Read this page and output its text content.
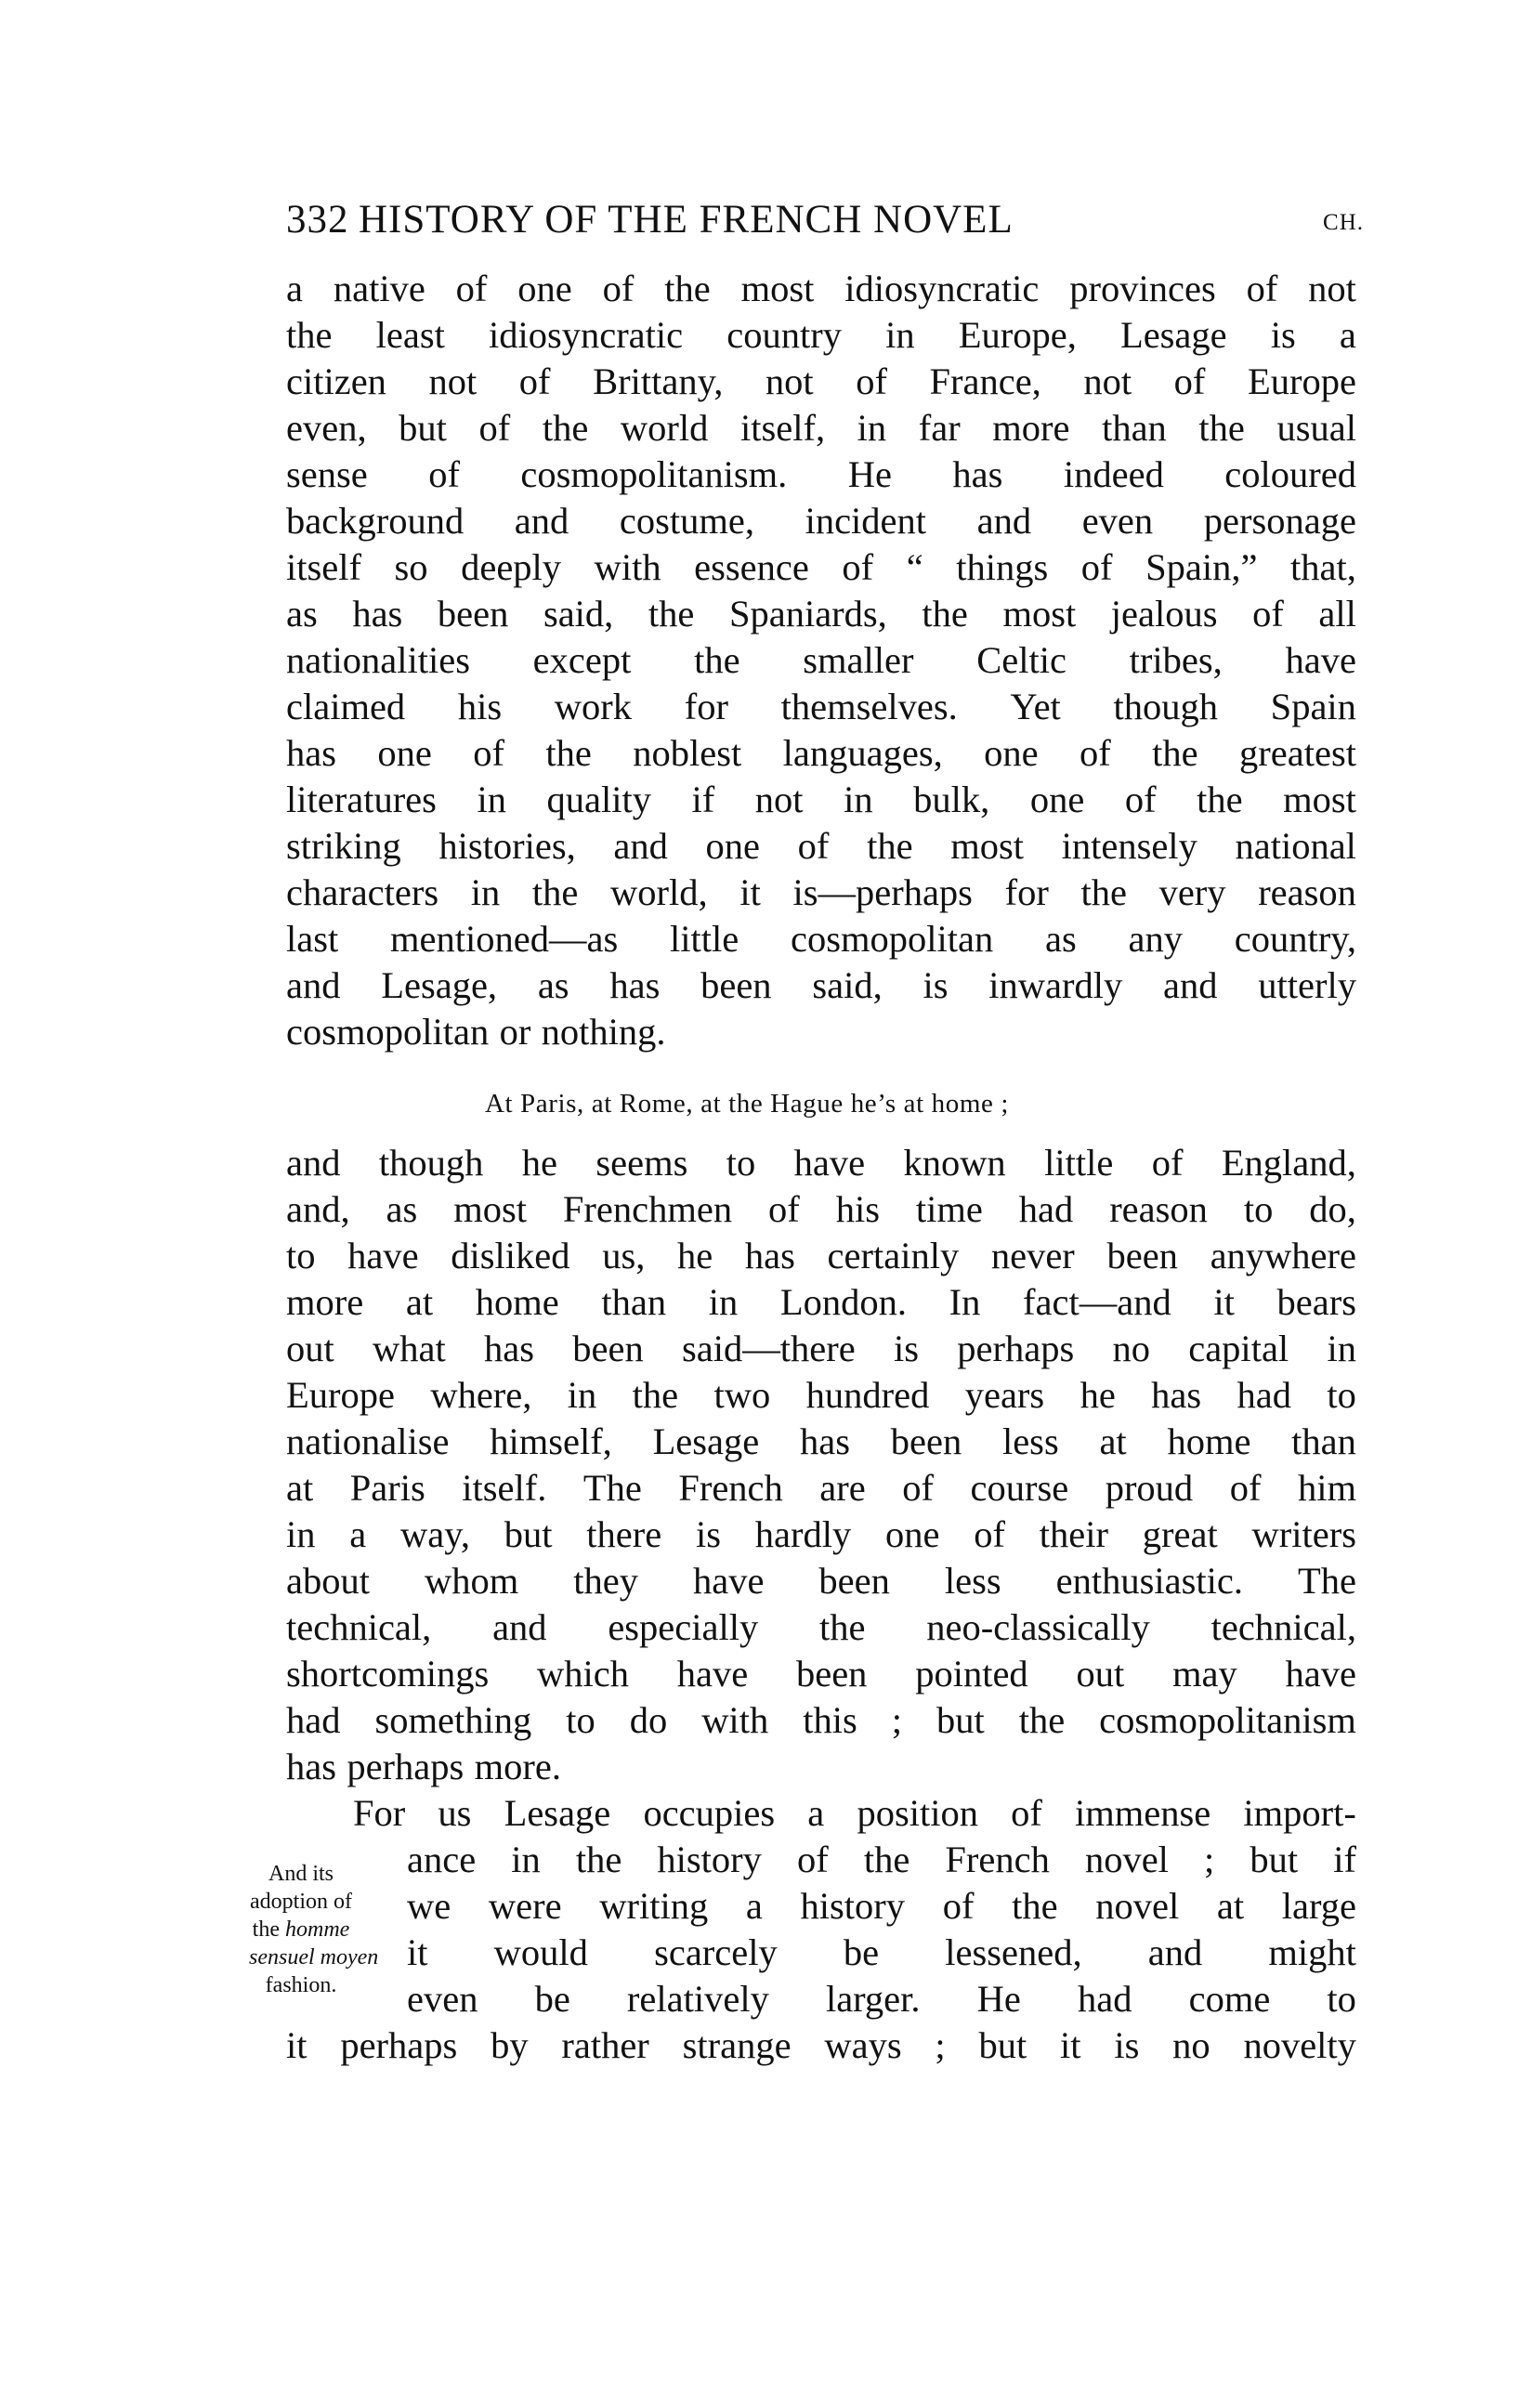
332 HISTORY OF THE FRENCH NOVEL	CH.
a native of one of the most idiosyncratic provinces of not
the least idiosyncratic country in Europe, Lesage is a
citizen not of Brittany, not of France, not of Europe
even, but of the world itself, in far more than the usual
sense of cosmopolitanism. He has indeed coloured
background and costume, incident and even personage
itself so deeply with essence of “ things of Spain,” that,
as has been said, the Spaniards, the most jealous of all
nationalities except the smaller Celtic tribes, have
claimed his work for themselves. Yet though Spain
has one of the noblest languages, one of the greatest
literatures in quality if not in bulk, one of the most
striking histories, and one of the most intensely national
characters in the world, it is—perhaps for the very reason
last mentioned—as little cosmopolitan as any country,
and Lesage, as has been said, is inwardly and utterly
cosmopolitan or nothing.
At Paris, at Rome, at the Hague he’s at home ;
and though he seems to have known little of England,
and, as most Frenchmen of his time had reason to do,
to have disliked us, he has certainly never been anywhere
more at home than in London. In fact—and it bears
out what has been said—there is perhaps no capital in
Europe where, in the two hundred years he has had to
nationalise himself, Lesage has been less at home than
at Paris itself. The French are of course proud of him
in a way, but there is hardly one of their great writers
about whom they have been less enthusiastic. The
technical, and especially the neo-classically technical,
shortcomings which have been pointed out may have
had something to do with this ; but the cosmopolitanism
has perhaps more.
For us Lesage occupies a position of immense import-
ance in the history of the French novel ; but if
we were writing a history of the novel at large
it would scarcely be lessened, and might
even be relatively larger. He had come to
it perhaps by rather strange ways ; but it is no novelty
And its
adoption of
the homme
sensuel moyen
fashion.
